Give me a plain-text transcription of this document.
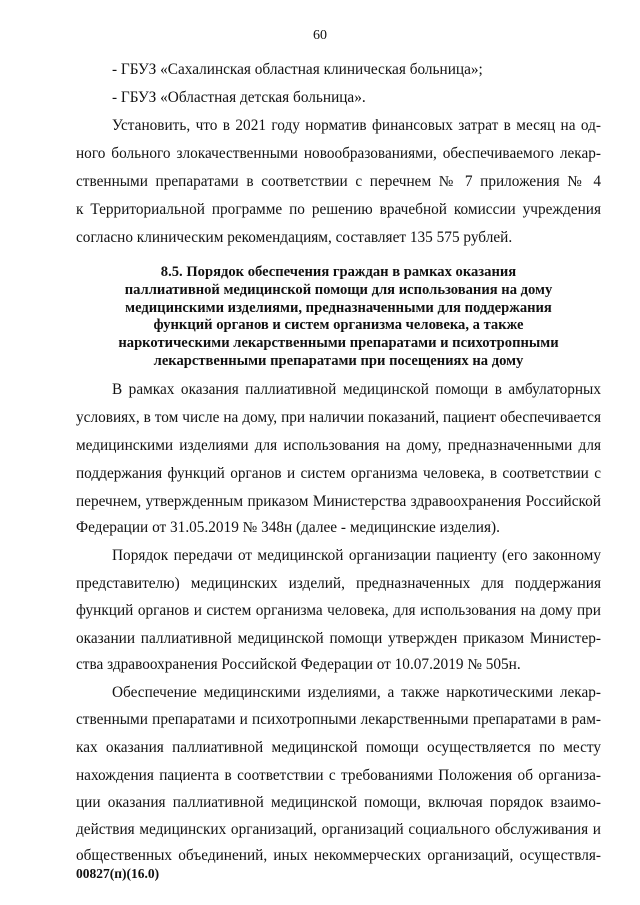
60
- ГБУЗ «Сахалинская областная клиническая больница»;
- ГБУЗ «Областная детская больница».
Установить, что в 2021 году норматив финансовых затрат в месяц на од-
ного больного злокачественными новообразованиями, обеспечиваемого лекар-
ственными препаратами в соответствии с перечнем № 7 приложения № 4
к Территориальной программе по решению врачебной комиссии учреждения
согласно клиническим рекомендациям, составляет 135 575 рублей.
8.5. Порядок обеспечения граждан в рамках оказания
паллиативной медицинской помощи для использования на дому
медицинскими изделиями, предназначенными для поддержания
функций органов и систем организма человека, а также
наркотическими лекарственными препаратами и психотропными
лекарственными препаратами при посещениях на дому
В рамках оказания паллиативной медицинской помощи в амбулаторных
условиях, в том числе на дому, при наличии показаний, пациент обеспечивается
медицинскими изделиями для использования на дому, предназначенными для
поддержания функций органов и систем организма человека, в соответствии с
перечнем, утвержденным приказом Министерства здравоохранения Российской
Федерации от 31.05.2019 № 348н (далее - медицинские изделия).
Порядок передачи от медицинской организации пациенту (его законному
представителю) медицинских изделий, предназначенных для поддержания
функций органов и систем организма человека, для использования на дому при
оказании паллиативной медицинской помощи утвержден приказом Министер-
ства здравоохранения Российской Федерации от 10.07.2019 № 505н.
Обеспечение медицинскими изделиями, а также наркотическими лекар-
ственными препаратами и психотропными лекарственными препаратами в рам-
ках оказания паллиативной медицинской помощи осуществляется по месту
нахождения пациента в соответствии с требованиями Положения об организа-
ции оказания паллиативной медицинской помощи, включая порядок взаимо-
действия медицинских организаций, организаций социального обслуживания и
общественных объединений, иных некоммерческих организаций, осуществля-
00827(п)(16.0)
